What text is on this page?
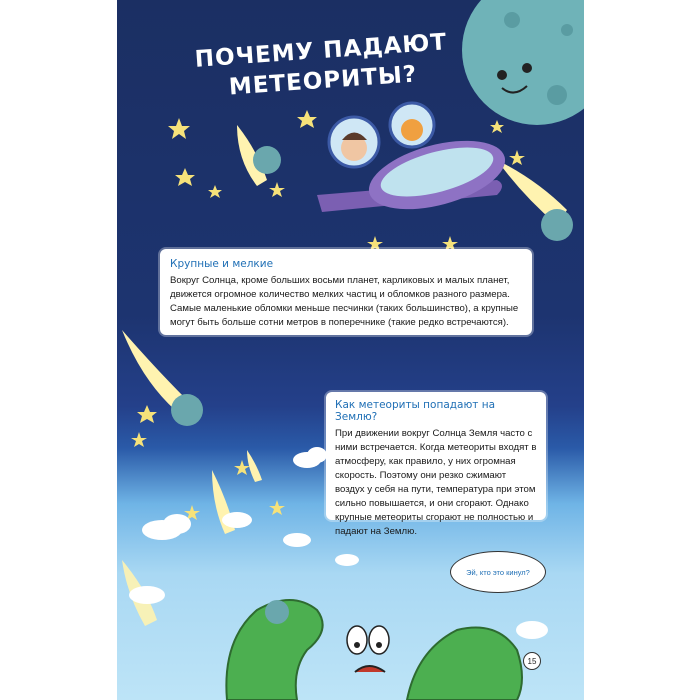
ПОЧЕМУ ПАДАЮТ
МЕТЕОРИТЫ?
Крупные и мелкие
Вокруг Солнца, кроме больших восьми планет, карликовых и малых планет, движется огромное количество мелких частиц и обломков разного размера. Самые маленькие обломки меньше песчинки (таких большинство), а крупные могут быть больше сотни метров в поперечнике (такие редко встречаются).
Как метеориты попадают на Землю?
При движении вокруг Солнца Земля часто с ними встречается. Когда метеориты входят в атмосферу, как правило, у них огромная скорость. Поэтому они резко сжимают воздух у себя на пути, температура при этом сильно повышается, и они сгорают. Однако крупные метеориты сгорают не полностью и падают на Землю.
Эй, кто это кинул?
15
